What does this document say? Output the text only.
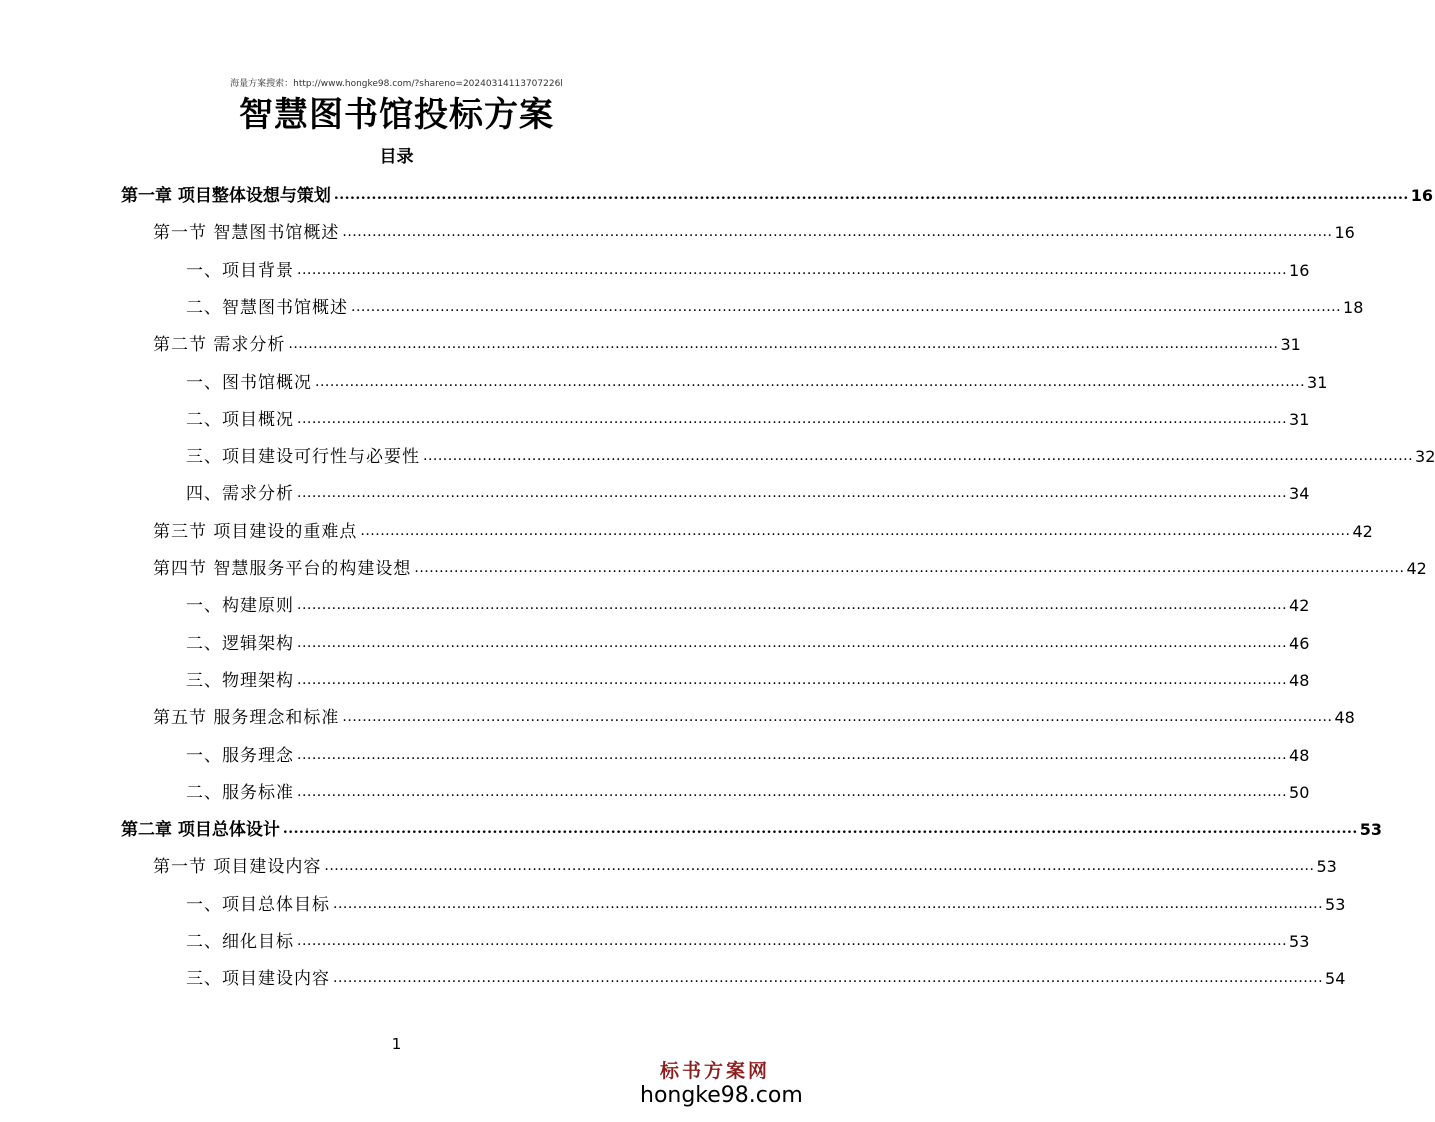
海量方案搜索：http://www.hongke98.com/?shareno=20240314113707226l
智慧图书馆投标方案
目录
第一章 项目整体设想与策划 ........................................................................................................................................................................................................ 16
第一节 智慧图书馆概述 ........................................................................................................................................................................................................ 16
一、项目背景 ........................................................................................................................................................................................................ 16
二、智慧图书馆概述 ........................................................................................................................................................................................................ 18
第二节 需求分析 ........................................................................................................................................................................................................ 31
一、图书馆概况 ........................................................................................................................................................................................................ 31
二、项目概况 ........................................................................................................................................................................................................ 31
三、项目建设可行性与必要性 ........................................................................................................................................................................................................ 32
四、需求分析 ........................................................................................................................................................................................................ 34
第三节 项目建设的重难点 ........................................................................................................................................................................................................ 42
第四节 智慧服务平台的构建设想 ........................................................................................................................................................................................................ 42
一、构建原则 ........................................................................................................................................................................................................ 42
二、逻辑架构 ........................................................................................................................................................................................................ 46
三、物理架构 ........................................................................................................................................................................................................ 48
第五节 服务理念和标准 ........................................................................................................................................................................................................ 48
一、服务理念 ........................................................................................................................................................................................................ 48
二、服务标准 ........................................................................................................................................................................................................ 50
第二章 项目总体设计 ........................................................................................................................................................................................................ 53
第一节 项目建设内容 ........................................................................................................................................................................................................ 53
一、项目总体目标 ........................................................................................................................................................................................................ 53
二、细化目标 ........................................................................................................................................................................................................ 53
三、项目建设内容 ........................................................................................................................................................................................................ 54
1
标书方案网
hongke98.com
